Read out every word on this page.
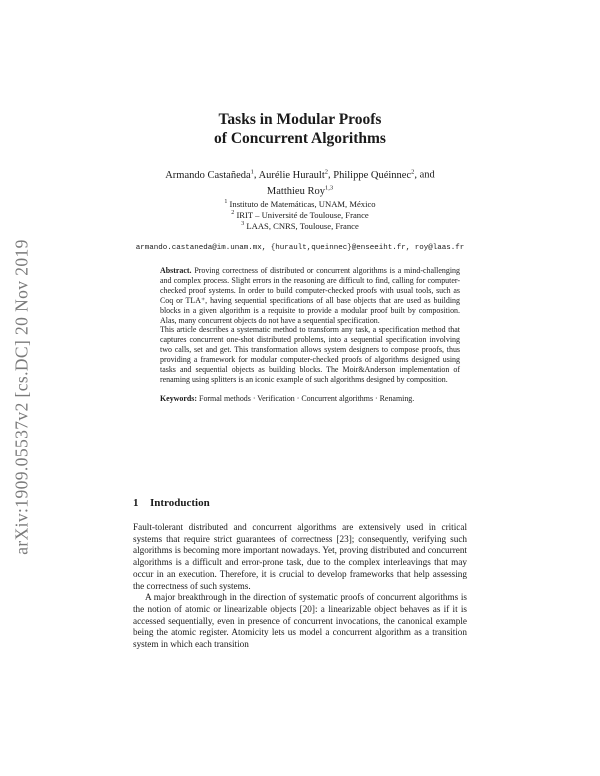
arXiv:1909.05537v2 [cs.DC] 20 Nov 2019
Tasks in Modular Proofs
of Concurrent Algorithms
Armando Castañeda$^1$, Aurélie Hurault$^2$, Philippe Quéinnec$^2$, and Matthieu Roy$^{1,3}$
$^1$ Instituto de Matemáticas, UNAM, México
$^2$ IRIT – Université de Toulouse, France
$^3$ LAAS, CNRS, Toulouse, France
armando.castaneda@im.unam.mx, {hurault,queinnec}@enseeiht.fr, roy@laas.fr

Abstract. Proving correctness of distributed or concurrent algorithms is a mind-challenging and complex process. Slight errors in the reasoning are difficult to find, calling for computer-checked proof systems. In order to build computer-checked proofs with usual tools, such as Coq or TLA⁺, having sequential specifications of all base objects that are used as building blocks in a given algorithm is a requisite to provide a modular proof built by composition. Alas, many concurrent objects do not have a sequential specification.

This article describes a systematic method to transform any task, a specification method that captures concurrent one-shot distributed problems, into a sequential specification involving two calls, set and get. This transformation allows system designers to compose proofs, thus providing a framework for modular computer-checked proofs of algorithms designed using tasks and sequential objects as building blocks. The Moir&Anderson implementation of renaming using splitters is an iconic example of such algorithms designed by composition.

Keywords: Formal methods · Verification · Concurrent algorithms · Renaming.

1 Introduction

Fault-tolerant distributed and concurrent algorithms are extensively used in critical systems that require strict guarantees of correctness [23]; consequently, verifying such algorithms is becoming more important nowadays. Yet, proving distributed and concurrent algorithms is a difficult and error-prone task, due to the complex interleavings that may occur in an execution. Therefore, it is crucial to develop frameworks that help assessing the correctness of such systems.

A major breakthrough in the direction of systematic proofs of concurrent algorithms is the notion of atomic or linearizable objects [20]: a linearizable object behaves as if it is accessed sequentially, even in presence of concurrent invocations, the canonical example being the atomic register. Atomicity lets us model a concurrent algorithm as a transition system in which each transition
